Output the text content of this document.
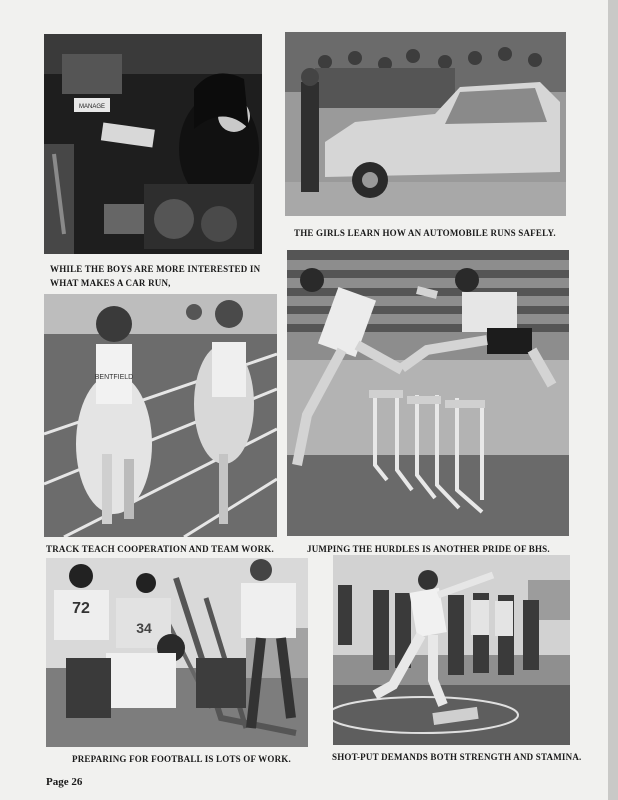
MANAGE

THE GIRLS LEARN HOW AN AUTOMOBILE RUNS SAFELY.

WHILE THE BOYS ARE MORE INTERESTED IN

WHAT MAKES A CAR RUN,

BENTFIELD

TRACK TEACH COOPERATION AND TEAM WORK.	JUMPING THE HURDLES IS ANOTHER PRIDE OF BHS.

72
34

PREPARING FOR FOOTBALL IS LOTS OF WORK.	SHOT-PUT DEMANDS BOTH STRENGTH AND STAMINA.

Page 26
